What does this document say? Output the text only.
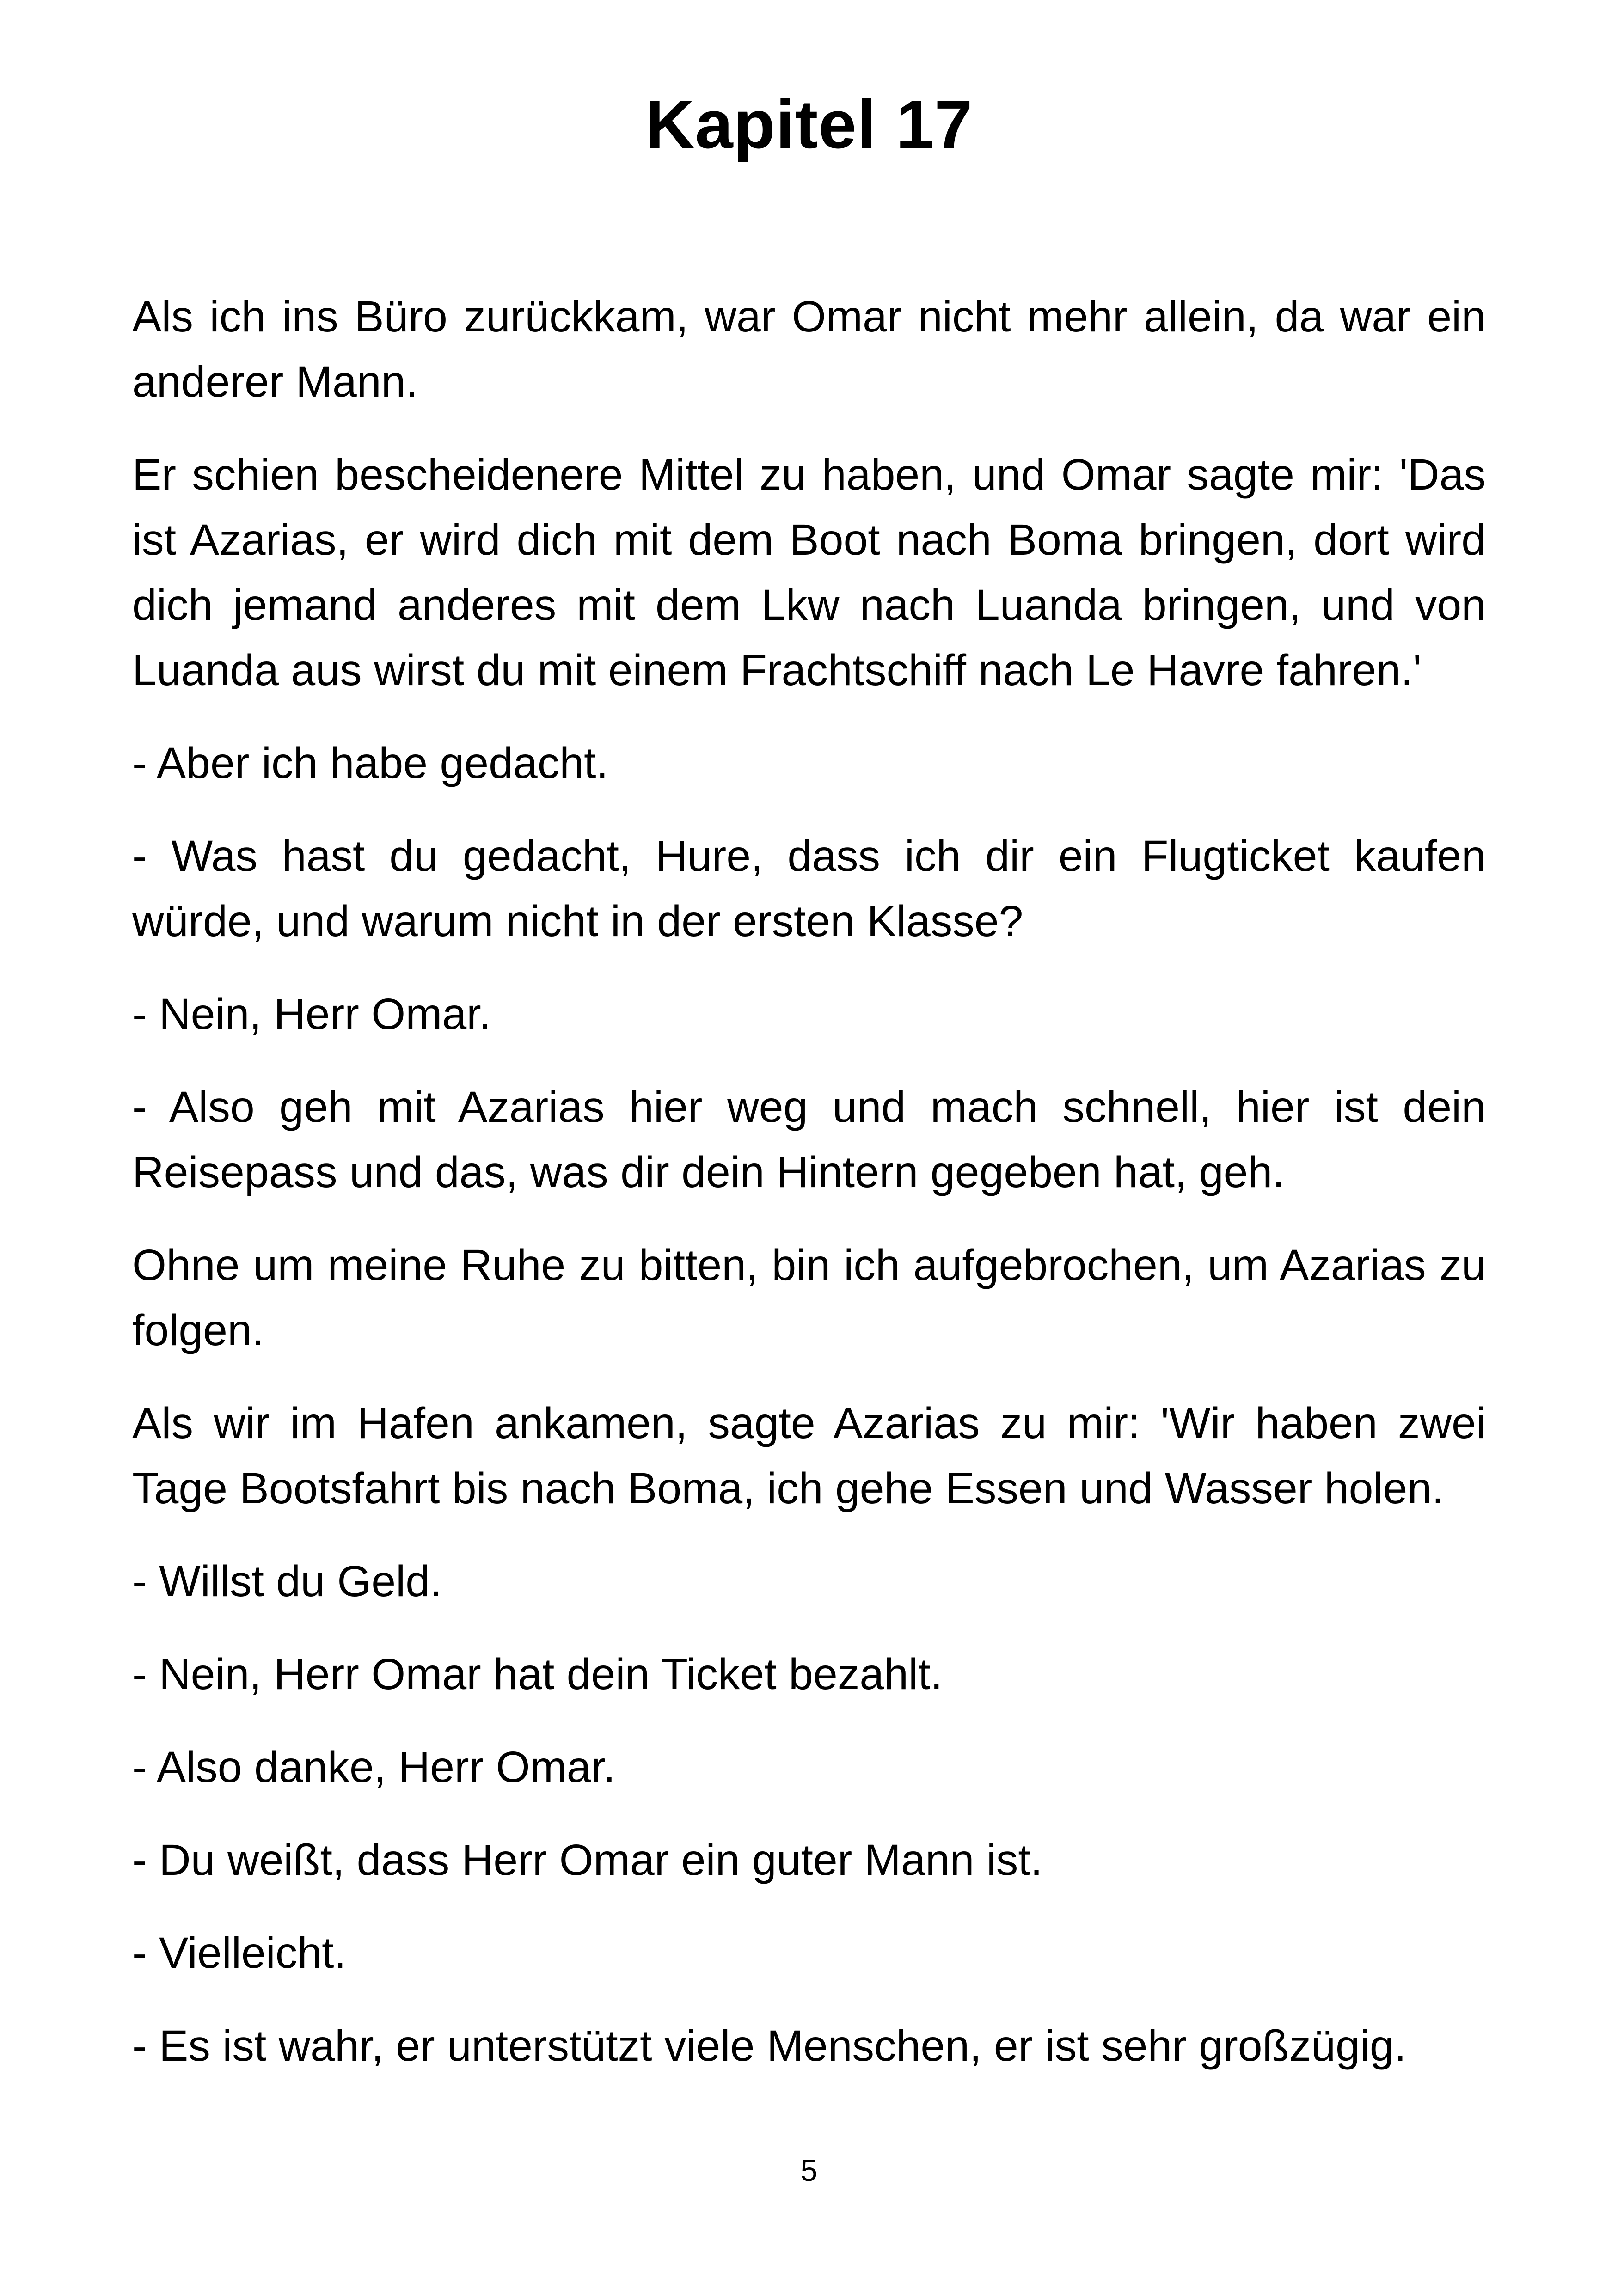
Kapitel 17

Als ich ins Büro zurückkam, war Omar nicht mehr allein, da war ein anderer Mann.

Er schien bescheidenere Mittel zu haben, und Omar sagte mir: 'Das ist Azarias, er wird dich mit dem Boot nach Boma bringen, dort wird dich jemand anderes mit dem Lkw nach Luanda bringen, und von Luanda aus wirst du mit einem Frachtschiff nach Le Havre fahren.'

- Aber ich habe gedacht.

- Was hast du gedacht, Hure, dass ich dir ein Flugticket kaufen würde, und warum nicht in der ersten Klasse?

- Nein, Herr Omar.

- Also geh mit Azarias hier weg und mach schnell, hier ist dein Reisepass und das, was dir dein Hintern gegeben hat, geh.

Ohne um meine Ruhe zu bitten, bin ich aufgebrochen, um Azarias zu folgen.

Als wir im Hafen ankamen, sagte Azarias zu mir: 'Wir haben zwei Tage Bootsfahrt bis nach Boma, ich gehe Essen und Wasser holen.

- Willst du Geld.

- Nein, Herr Omar hat dein Ticket bezahlt.

- Also danke, Herr Omar.

- Du weißt, dass Herr Omar ein guter Mann ist.

- Vielleicht.

- Es ist wahr, er unterstützt viele Menschen, er ist sehr großzügig.

5
